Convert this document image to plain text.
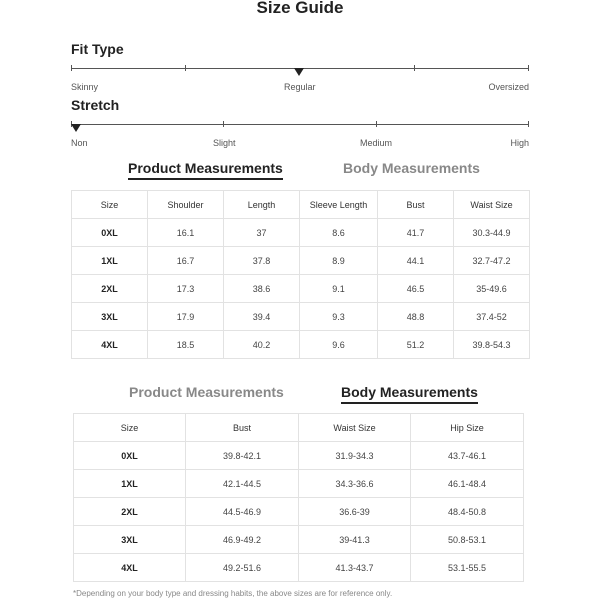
Size Guide
Fit Type
Skinny	Regular	Oversized
Stretch
Non	Slight	Medium	High
Product Measurements	Body Measurements
Size	Shoulder	Length	Sleeve Length	Bust	Waist Size
0XL	16.1	37	8.6	41.7	30.3-44.9
1XL	16.7	37.8	8.9	44.1	32.7-47.2
2XL	17.3	38.6	9.1	46.5	35-49.6
3XL	17.9	39.4	9.3	48.8	37.4-52
4XL	18.5	40.2	9.6	51.2	39.8-54.3
Product Measurements	Body Measurements
Size	Bust	Waist Size	Hip Size
0XL	39.8-42.1	31.9-34.3	43.7-46.1
1XL	42.1-44.5	34.3-36.6	46.1-48.4
2XL	44.5-46.9	36.6-39	48.4-50.8
3XL	46.9-49.2	39-41.3	50.8-53.1
4XL	49.2-51.6	41.3-43.7	53.1-55.5
*Depending on your body type and dressing habits, the above sizes are for reference only.
